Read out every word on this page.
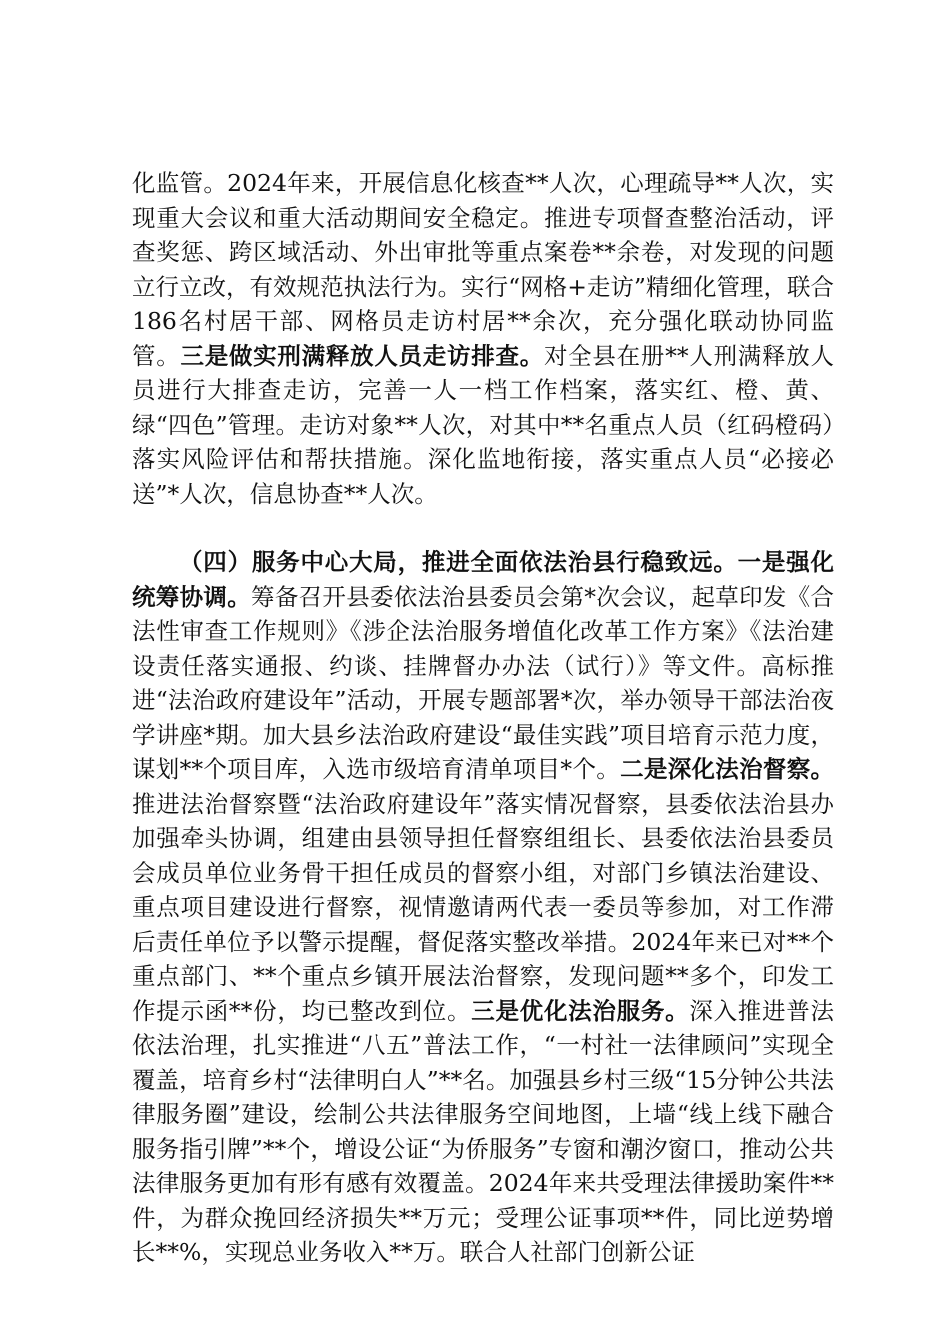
化监管。2024年来，开展信息化核查**人次，心理疏导**人次，实现重大会议和重大活动期间安全稳定。推进专项督查整治活动，评查奖惩、跨区域活动、外出审批等重点案卷**余卷，对发现的问题立行立改，有效规范执法行为。实行“网格+走访”精细化管理，联合186名村居干部、网格员走访村居**余次，充分强化联动协同监管。三是做实刑满释放人员走访排查。对全县在册**人刑满释放人员进行大排查走访，完善一人一档工作档案，落实红、橙、黄、绿“四色”管理。走访对象**人次，对其中**名重点人员（红码橙码）落实风险评估和帮扶措施。深化监地衔接，落实重点人员“必接必送”*人次，信息协查**人次。

（四）服务中心大局，推进全面依法治县行稳致远。一是强化统筹协调。筹备召开县委依法治县委员会第*次会议，起草印发《合法性审查工作规则》《涉企法治服务增值化改革工作方案》《法治建设责任落实通报、约谈、挂牌督办办法（试行）》等文件。高标推进“法治政府建设年”活动，开展专题部署*次，举办领导干部法治夜学讲座*期。加大县乡法治政府建设“最佳实践”项目培育示范力度，谋划**个项目库，入选市级培育清单项目*个。二是深化法治督察。推进法治督察暨“法治政府建设年”落实情况督察，县委依法治县办加强牵头协调，组建由县领导担任督察组组长、县委依法治县委员会成员单位业务骨干担任成员的督察小组，对部门乡镇法治建设、重点项目建设进行督察，视情邀请两代表一委员等参加，对工作滞后责任单位予以警示提醒，督促落实整改举措。2024年来已对**个重点部门、**个重点乡镇开展法治督察，发现问题**多个，印发工作提示函**份，均已整改到位。三是优化法治服务。深入推进普法依法治理，扎实推进“八五”普法工作，“一村社一法律顾问”实现全覆盖，培育乡村“法律明白人”**名。加强县乡村三级“15分钟公共法律服务圈”建设，绘制公共法律服务空间地图，上墙“线上线下融合服务指引牌”**个，增设公证“为侨服务”专窗和潮汐窗口，推动公共法律服务更加有形有感有效覆盖。2024年来共受理法律援助案件**件，为群众挽回经济损失**万元；受理公证事项**件，同比逆势增长**%，实现总业务收入**万。联合人社部门创新公证
